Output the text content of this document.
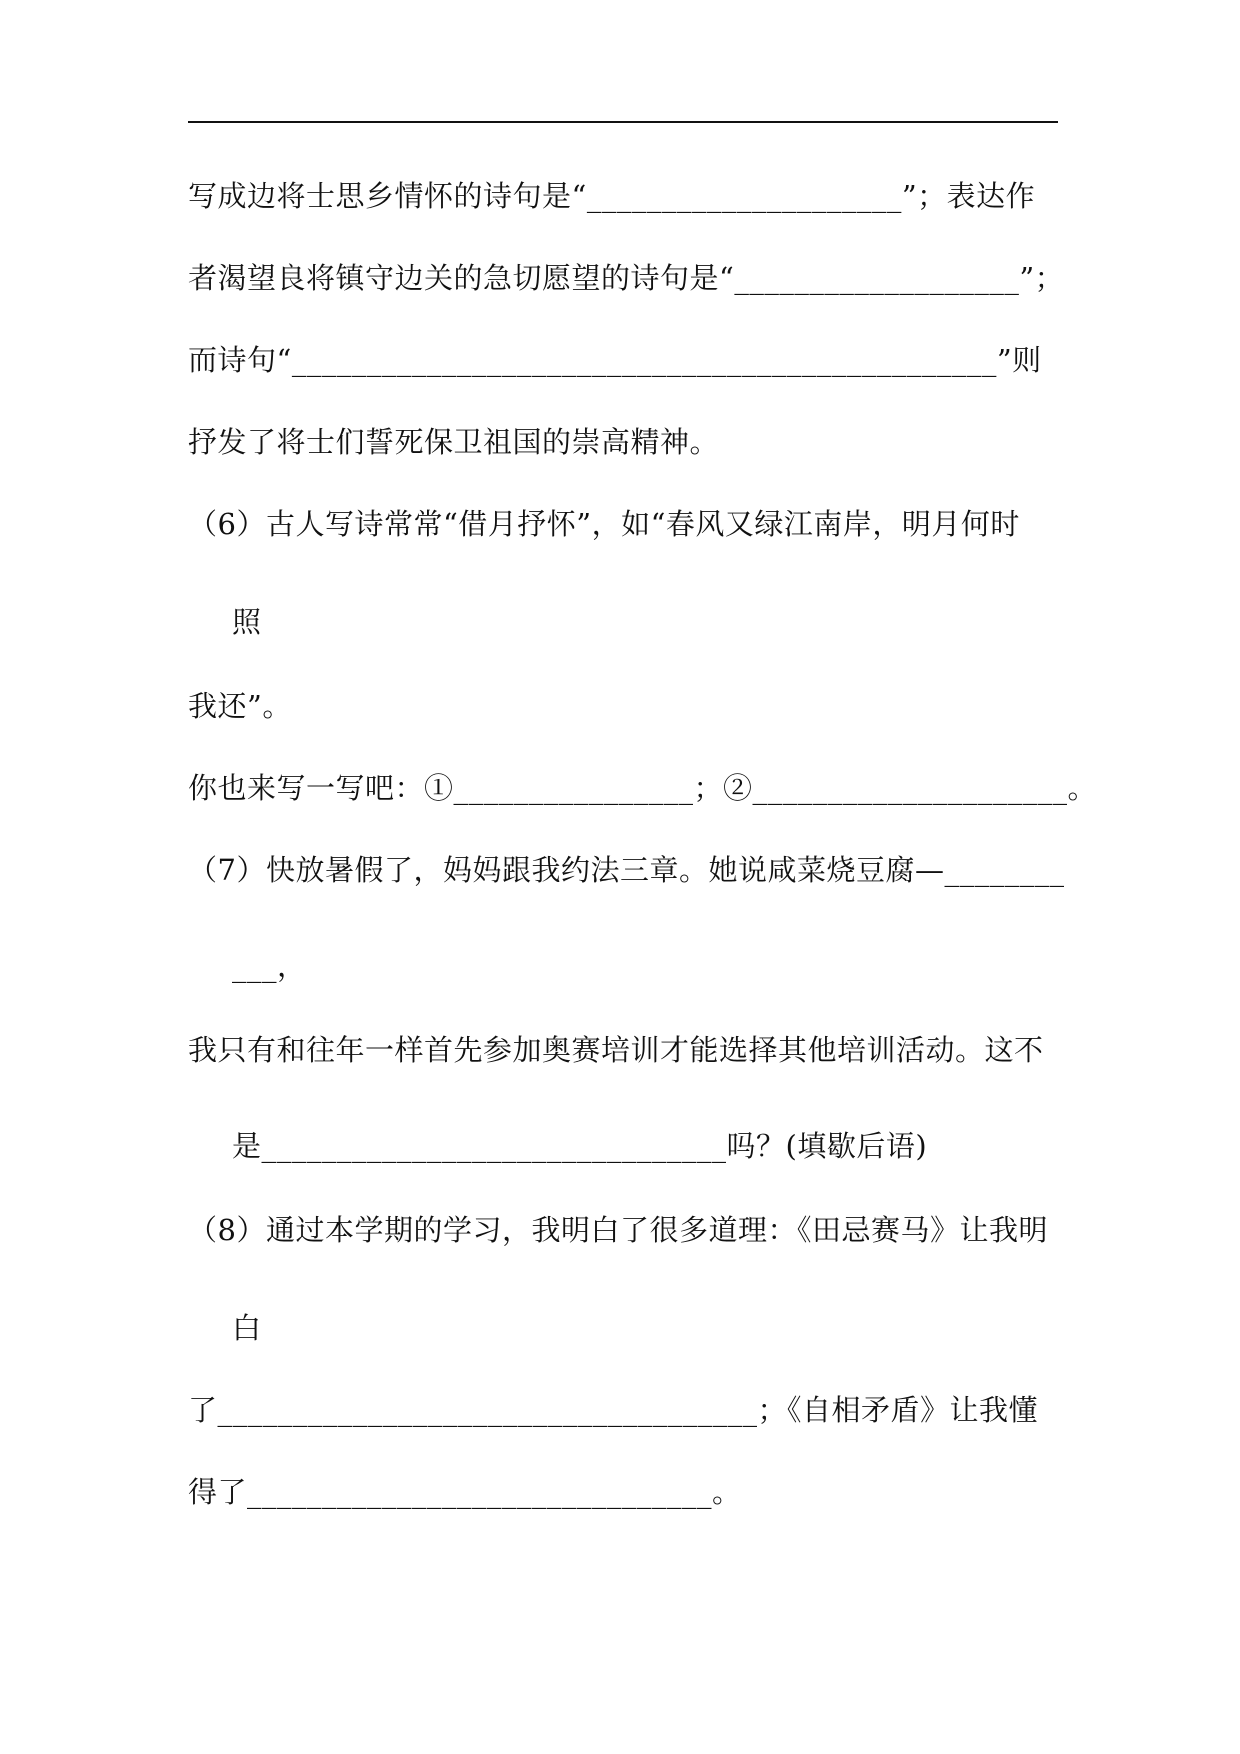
写成边将士思乡情怀的诗句是“_____________________”；表达作
者渴望良将镇守边关的急切愿望的诗句是“___________________”；
而诗句“_______________________________________________”则
抒发了将士们誓死保卫祖国的崇高精神。
（6）古人写诗常常“借月抒怀”，如“春风又绿江南岸，明月何时
照
我还”。
你也来写一写吧：①________________；②_____________________。
（7）快放暑假了，妈妈跟我约法三章。她说咸菜烧豆腐—________
___，
我只有和往年一样首先参加奥赛培训才能选择其他培训活动。这不
是_______________________________吗？(填歇后语)
（8）通过本学期的学习，我明白了很多道理：《田忌赛马》让我明
白
了____________________________________；《自相矛盾》让我懂
得了_______________________________。
